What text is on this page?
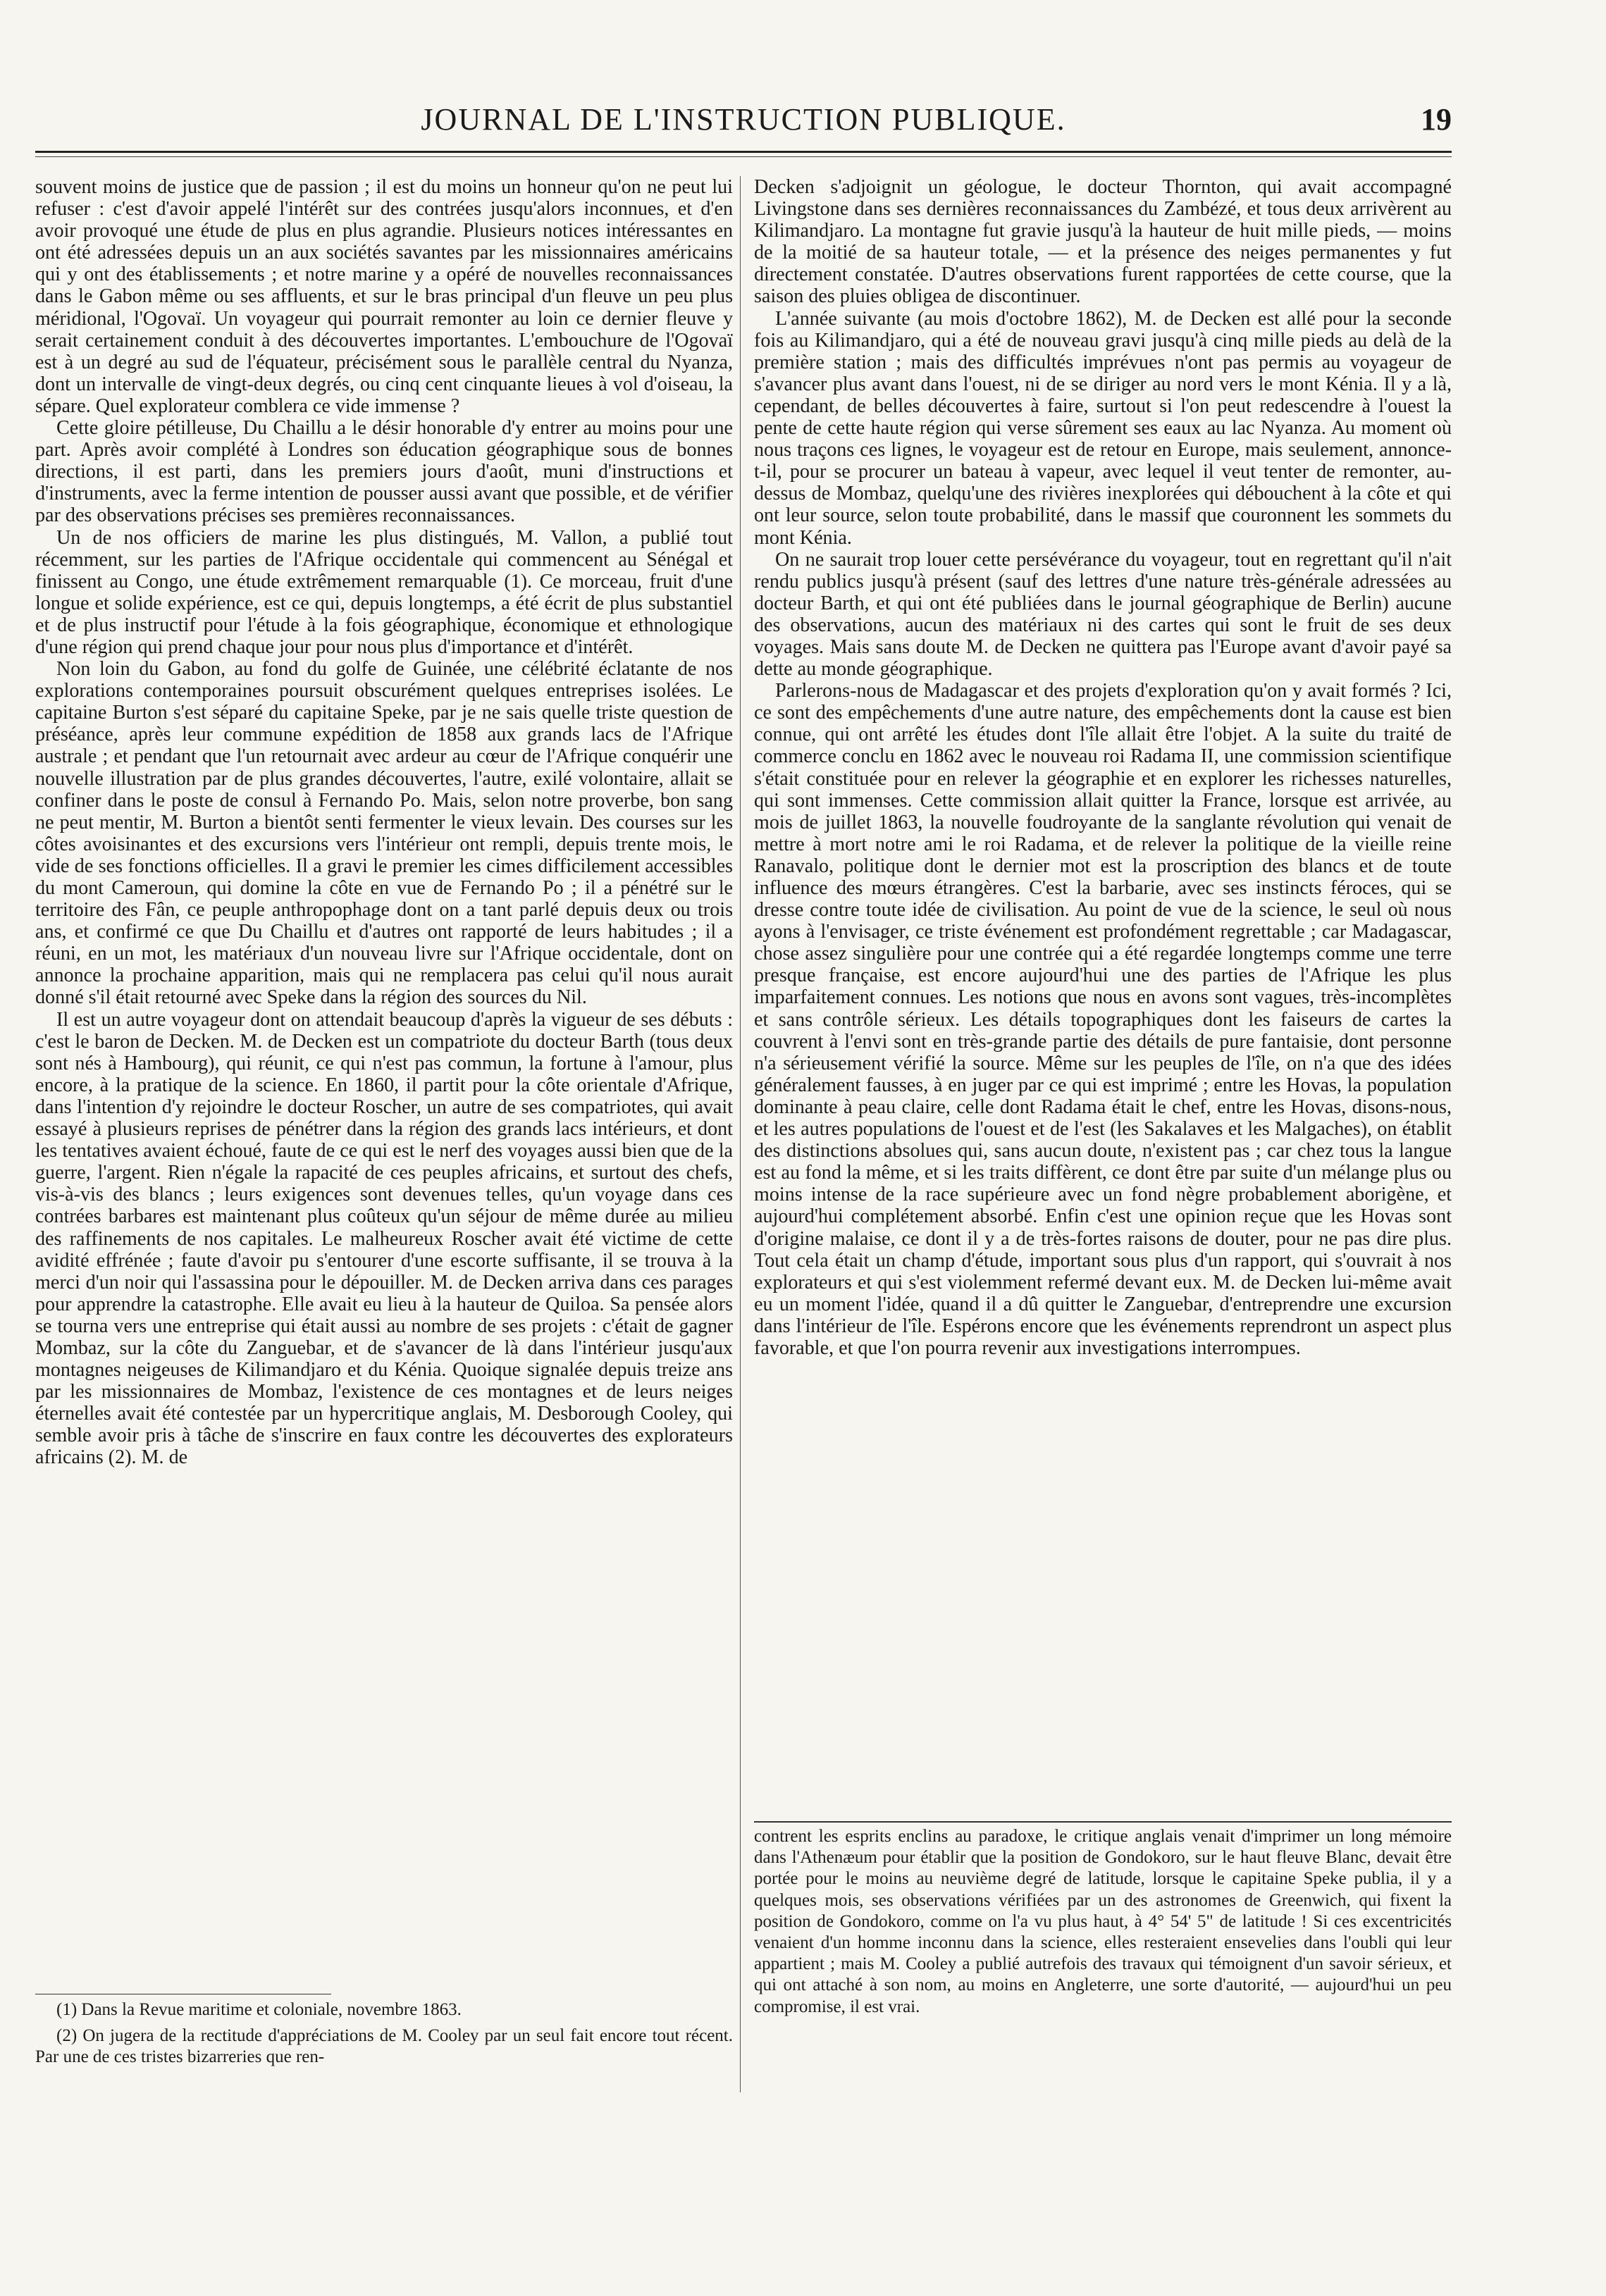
JOURNAL DE L'INSTRUCTION PUBLIQUE.	19

souvent moins de justice que de passion ; il est du moins un honneur qu'on ne peut lui refuser : c'est d'avoir appelé l'intérêt sur des contrées jusqu'alors inconnues, et d'en avoir provoqué une étude de plus en plus agrandie. Plusieurs notices intéressantes en ont été adressées depuis un an aux sociétés savantes par les missionnaires américains qui y ont des établissements ; et notre marine y a opéré de nouvelles reconnaissances dans le Gabon même ou ses affluents, et sur le bras principal d'un fleuve un peu plus méridional, l'Ogovaï. Un voyageur qui pourrait remonter au loin ce dernier fleuve y serait certainement conduit à des découvertes importantes. L'embouchure de l'Ogovaï est à un degré au sud de l'équateur, précisément sous le parallèle central du Nyanza, dont un intervalle de vingt-deux degrés, ou cinq cent cinquante lieues à vol d'oiseau, la sépare. Quel explorateur comblera ce vide immense ?

Cette gloire pétilleuse, Du Chaillu a le désir honorable d'y entrer au moins pour une part. Après avoir complété à Londres son éducation géographique sous de bonnes directions, il est parti, dans les premiers jours d'août, muni d'instructions et d'instruments, avec la ferme intention de pousser aussi avant que possible, et de vérifier par des observations précises ses premières reconnaissances.

Un de nos officiers de marine les plus distingués, M. Vallon, a publié tout récemment, sur les parties de l'Afrique occidentale qui commencent au Sénégal et finissent au Congo, une étude extrêmement remarquable (1). Ce morceau, fruit d'une longue et solide expérience, est ce qui, depuis longtemps, a été écrit de plus substantiel et de plus instructif pour l'étude à la fois géographique, économique et ethnologique d'une région qui prend chaque jour pour nous plus d'importance et d'intérêt.

Non loin du Gabon, au fond du golfe de Guinée, une célébrité éclatante de nos explorations contemporaines poursuit obscurément quelques entreprises isolées. Le capitaine Burton s'est séparé du capitaine Speke, par je ne sais quelle triste question de préséance, après leur commune expédition de 1858 aux grands lacs de l'Afrique australe ; et pendant que l'un retournait avec ardeur au cœur de l'Afrique conquérir une nouvelle illustration par de plus grandes découvertes, l'autre, exilé volontaire, allait se confiner dans le poste de consul à Fernando Po. Mais, selon notre proverbe, bon sang ne peut mentir, M. Burton a bientôt senti fermenter le vieux levain. Des courses sur les côtes avoisinantes et des excursions vers l'intérieur ont rempli, depuis trente mois, le vide de ses fonctions officielles. Il a gravi le premier les cimes difficilement accessibles du mont Cameroun, qui domine la côte en vue de Fernando Po ; il a pénétré sur le territoire des Fân, ce peuple anthropophage dont on a tant parlé depuis deux ou trois ans, et confirmé ce que Du Chaillu et d'autres ont rapporté de leurs habitudes ; il a réuni, en un mot, les matériaux d'un nouveau livre sur l'Afrique occidentale, dont on annonce la prochaine apparition, mais qui ne remplacera pas celui qu'il nous aurait donné s'il était retourné avec Speke dans la région des sources du Nil.

Il est un autre voyageur dont on attendait beaucoup d'après la vigueur de ses débuts : c'est le baron de Decken. M. de Decken est un compatriote du docteur Barth (tous deux sont nés à Hambourg), qui réunit, ce qui n'est pas commun, la fortune à l'amour, plus encore, à la pratique de la science. En 1860, il partit pour la côte orientale d'Afrique, dans l'intention d'y rejoindre le docteur Roscher, un autre de ses compatriotes, qui avait essayé à plusieurs reprises de pénétrer dans la région des grands lacs intérieurs, et dont les tentatives avaient échoué, faute de ce qui est le nerf des voyages aussi bien que de la guerre, l'argent. Rien n'égale la rapacité de ces peuples africains, et surtout des chefs, vis-à-vis des blancs ; leurs exigences sont devenues telles, qu'un voyage dans ces contrées barbares est maintenant plus coûteux qu'un séjour de même durée au milieu des raffinements de nos capitales. Le malheureux Roscher avait été victime de cette avidité effrénée ; faute d'avoir pu s'entourer d'une escorte suffisante, il se trouva à la merci d'un noir qui l'assassina pour le dépouiller. M. de Decken arriva dans ces parages pour apprendre la catastrophe. Elle avait eu lieu à la hauteur de Quiloa. Sa pensée alors se tourna vers une entreprise qui était aussi au nombre de ses projets : c'était de gagner Mombaz, sur la côte du Zanguebar, et de s'avancer de là dans l'intérieur jusqu'aux montagnes neigeuses de Kilimandjaro et du Kénia. Quoique signalée depuis treize ans par les missionnaires de Mombaz, l'existence de ces montagnes et de leurs neiges éternelles avait été contestée par un hypercritique anglais, M. Desborough Cooley, qui semble avoir pris à tâche de s'inscrire en faux contre les découvertes des explorateurs africains (2). M. de

Decken s'adjoignit un géologue, le docteur Thornton, qui avait accompagné Livingstone dans ses dernières reconnaissances du Zambézé, et tous deux arrivèrent au Kilimandjaro. La montagne fut gravie jusqu'à la hauteur de huit mille pieds, — moins de la moitié de sa hauteur totale, — et la présence des neiges permanentes y fut directement constatée. D'autres observations furent rapportées de cette course, que la saison des pluies obligea de discontinuer.

L'année suivante (au mois d'octobre 1862), M. de Decken est allé pour la seconde fois au Kilimandjaro, qui a été de nouveau gravi jusqu'à cinq mille pieds au delà de la première station ; mais des difficultés imprévues n'ont pas permis au voyageur de s'avancer plus avant dans l'ouest, ni de se diriger au nord vers le mont Kénia. Il y a là, cependant, de belles découvertes à faire, surtout si l'on peut redescendre à l'ouest la pente de cette haute région qui verse sûrement ses eaux au lac Nyanza. Au moment où nous traçons ces lignes, le voyageur est de retour en Europe, mais seulement, annonce-t-il, pour se procurer un bateau à vapeur, avec lequel il veut tenter de remonter, au-dessus de Mombaz, quelqu'une des rivières inexplorées qui débouchent à la côte et qui ont leur source, selon toute probabilité, dans le massif que couronnent les sommets du mont Kénia.

On ne saurait trop louer cette persévérance du voyageur, tout en regrettant qu'il n'ait rendu publics jusqu'à présent (sauf des lettres d'une nature très-générale adressées au docteur Barth, et qui ont été publiées dans le journal géographique de Berlin) aucune des observations, aucun des matériaux ni des cartes qui sont le fruit de ses deux voyages. Mais sans doute M. de Decken ne quittera pas l'Europe avant d'avoir payé sa dette au monde géographique.

Parlerons-nous de Madagascar et des projets d'exploration qu'on y avait formés ? Ici, ce sont des empêchements d'une autre nature, des empêchements dont la cause est bien connue, qui ont arrêté les études dont l'île allait être l'objet. A la suite du traité de commerce conclu en 1862 avec le nouveau roi Radama II, une commission scientifique s'était constituée pour en relever la géographie et en explorer les richesses naturelles, qui sont immenses. Cette commission allait quitter la France, lorsque est arrivée, au mois de juillet 1863, la nouvelle foudroyante de la sanglante révolution qui venait de mettre à mort notre ami le roi Radama, et de relever la politique de la vieille reine Ranavalo, politique dont le dernier mot est la proscription des blancs et de toute influence des mœurs étrangères. C'est la barbarie, avec ses instincts féroces, qui se dresse contre toute idée de civilisation. Au point de vue de la science, le seul où nous ayons à l'envisager, ce triste événement est profondément regrettable ; car Madagascar, chose assez singulière pour une contrée qui a été regardée longtemps comme une terre presque française, est encore aujourd'hui une des parties de l'Afrique les plus imparfaitement connues. Les notions que nous en avons sont vagues, très-incomplètes et sans contrôle sérieux. Les détails topographiques dont les faiseurs de cartes la couvrent à l'envi sont en très-grande partie des détails de pure fantaisie, dont personne n'a sérieusement vérifié la source. Même sur les peuples de l'île, on n'a que des idées généralement fausses, à en juger par ce qui est imprimé ; entre les Hovas, la population dominante à peau claire, celle dont Radama était le chef, entre les Hovas, disons-nous, et les autres populations de l'ouest et de l'est (les Sakalaves et les Malgaches), on établit des distinctions absolues qui, sans aucun doute, n'existent pas ; car chez tous la langue est au fond la même, et si les traits diffèrent, ce dont être par suite d'un mélange plus ou moins intense de la race supérieure avec un fond nègre probablement aborigène, et aujourd'hui complétement absorbé. Enfin c'est une opinion reçue que les Hovas sont d'origine malaise, ce dont il y a de très-fortes raisons de douter, pour ne pas dire plus. Tout cela était un champ d'étude, important sous plus d'un rapport, qui s'ouvrait à nos explorateurs et qui s'est violemment refermé devant eux. M. de Decken lui-même avait eu un moment l'idée, quand il a dû quitter le Zanguebar, d'entreprendre une excursion dans l'intérieur de l'île. Espérons encore que les événements reprendront un aspect plus favorable, et que l'on pourra revenir aux investigations interrompues.

(1) Dans la Revue maritime et coloniale, novembre 1863.

(2) On jugera de la rectitude d'appréciations de M. Cooley par un seul fait encore tout récent. Par une de ces tristes bizarreries que ren-

contrent les esprits enclins au paradoxe, le critique anglais venait d'imprimer un long mémoire dans l'Athenæum pour établir que la position de Gondokoro, sur le haut fleuve Blanc, devait être portée pour le moins au neuvième degré de latitude, lorsque le capitaine Speke publia, il y a quelques mois, ses observations vérifiées par un des astronomes de Greenwich, qui fixent la position de Gondokoro, comme on l'a vu plus haut, à 4° 54' 5" de latitude ! Si ces excentricités venaient d'un homme inconnu dans la science, elles resteraient ensevelies dans l'oubli qui leur appartient ; mais M. Cooley a publié autrefois des travaux qui témoignent d'un savoir sérieux, et qui ont attaché à son nom, au moins en Angleterre, une sorte d'autorité, — aujourd'hui un peu compromise, il est vrai.
